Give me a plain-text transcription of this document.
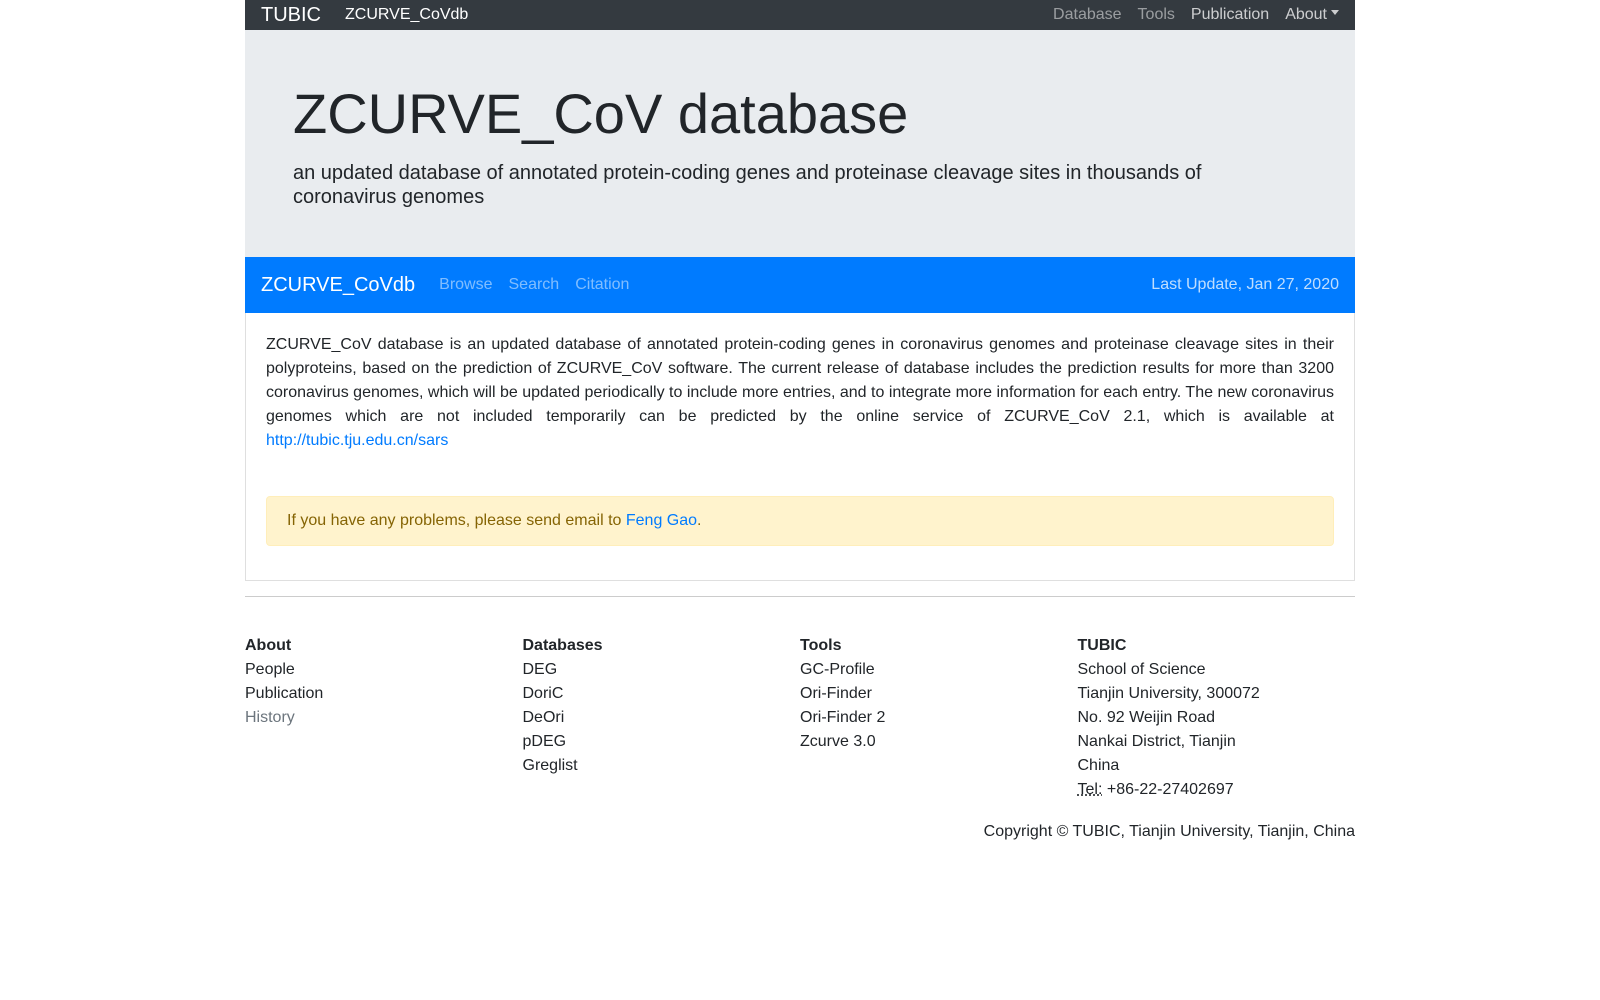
TUBIC ZCURVE_CoVdb	Database Tools Publication About
ZCURVE_CoV database

an updated database of annotated protein-coding genes and proteinase cleavage sites in thousands of coronavirus genomes

ZCURVE_CoVdb Browse Search Citation	Last Update, Jan 27, 2020

ZCURVE_CoV database is an updated database of annotated protein-coding genes in coronavirus genomes and proteinase cleavage sites in their polyproteins, based on the prediction of ZCURVE_CoV software. The current release of database includes the prediction results for more than 3200 coronavirus genomes, which will be updated periodically to include more entries, and to integrate more information for each entry. The new coronavirus genomes which are not included temporarily can be predicted by the online service of ZCURVE_CoV 2.1, which is available at http://tubic.tju.edu.cn/sars

If you have any problems, please send email to
Feng Gao .
About
People
Publication
History
Databases
DEG
DoriC
DeOri
pDEG
Greglist
Tools
GC-Profile
Ori-Finder
Ori-Finder 2
Zcurve 3.0
TUBIC
School of Science
Tianjin University, 300072
No. 92 Weijin Road
Nankai District, Tianjin
China
Tel: +86-22-27402697
Copyright © TUBIC, Tianjin University, Tianjin, China
